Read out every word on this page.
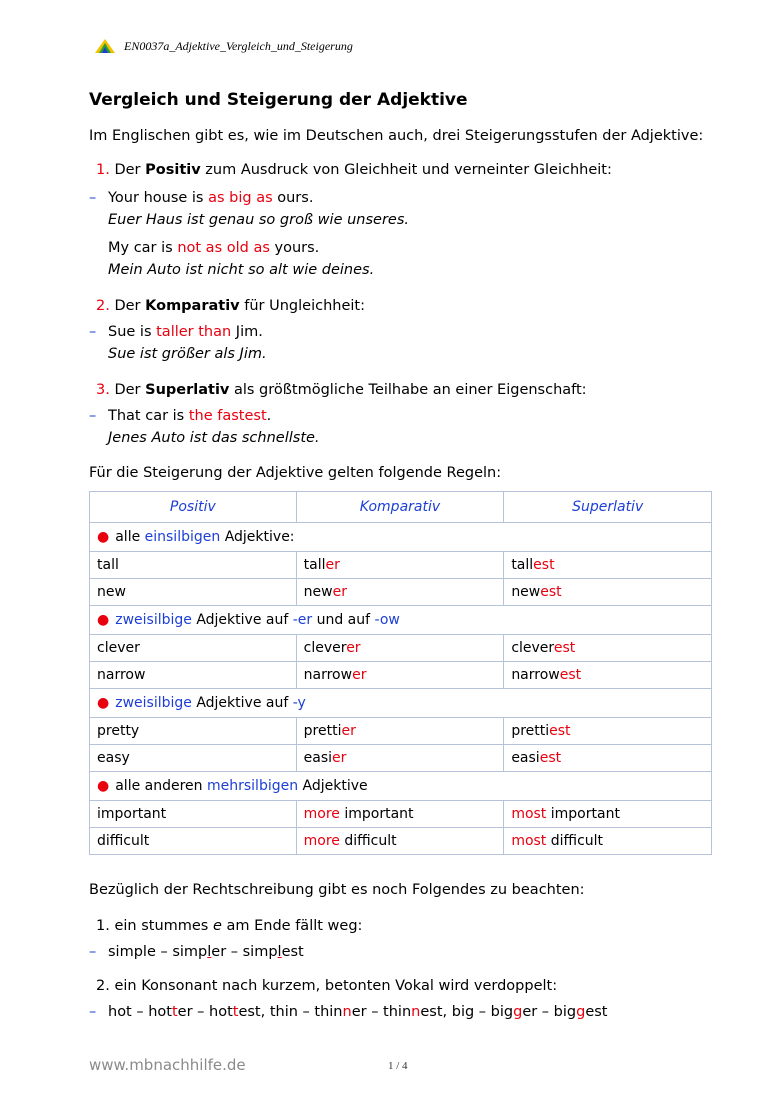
EN0037a_Adjektive_Vergleich_und_Steigerung
Vergleich und Steigerung der Adjektive
Im Englischen gibt es, wie im Deutschen auch, drei Steigerungsstufen der Adjektive:
1. Der Positiv zum Ausdruck von Gleichheit und verneinter Gleichheit:
– Your house is as big as ours.
Euer Haus ist genau so groß wie unseres.
My car is not as old as yours.
Mein Auto ist nicht so alt wie deines.
2. Der Komparativ für Ungleichheit:
– Sue is taller than Jim.
Sue ist größer als Jim.
3. Der Superlativ als größtmögliche Teilhabe an einer Eigenschaft:
– That car is the fastest.
Jenes Auto ist das schnellste.
Für die Steigerung der Adjektive gelten folgende Regeln:
Positiv	Komparativ	Superlativ
● alle einsilbigen Adjektive:		
tall	taller	tallest
new	newer	newest
● zweisilbige Adjektive auf -er und auf -ow		
clever	cleverer	cleverest
narrow	narrower	narrowest
● zweisilbige Adjektive auf -y		
pretty	prettier	prettiest
easy	easier	easiest
● alle anderen mehrsilbigen Adjektive		
important	more important	most important
difficult	more difficult	most difficult
Bezüglich der Rechtschreibung gibt es noch Folgendes zu beachten:
1. ein stummes e am Ende fällt weg:
– simple – simpler – simplest
2. ein Konsonant nach kurzem, betonten Vokal wird verdoppelt:
– hot – hotter – hottest, thin – thinner – thinnest, big – bigger – biggest
www.mbnachhilfe.de	1 / 4
